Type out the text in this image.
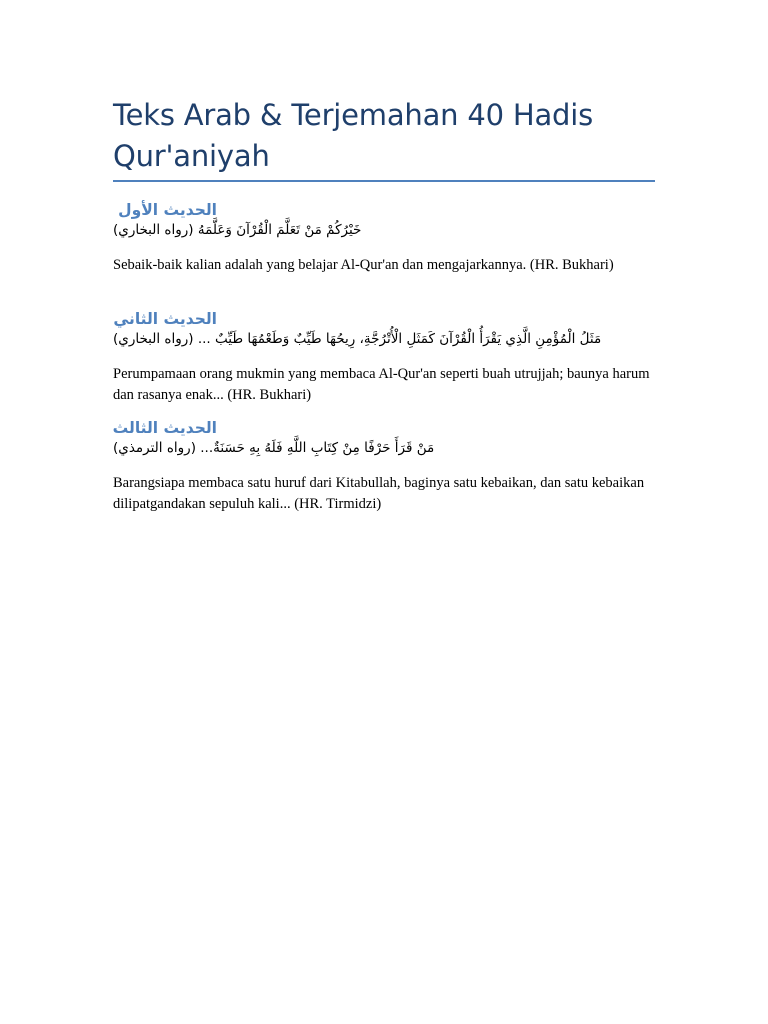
Teks Arab & Terjemahan 40 Hadis Qur'aniyah
الحديث الأول

خَيْرُكُمْ مَنْ تَعَلَّمَ الْقُرْآنَ وَعَلَّمَهُ (رواه البخاري)

Sebaik-baik kalian adalah yang belajar Al-Qur'an dan mengajarkannya. (HR. Bukhari)

الحديث الثاني

مَثَلُ الْمُؤْمِنِ الَّذِي يَقْرَأُ الْقُرْآنَ كَمَثَلِ الْأُتْرُجَّةِ، رِيحُهَا طَيِّبٌ وَطَعْمُهَا طَيِّبٌ ... (رواه البخاري)

Perumpamaan orang mukmin yang membaca Al-Qur'an seperti buah utrujjah; baunya harum dan rasanya enak... (HR. Bukhari)

الحديث الثالث

مَنْ قَرَأَ حَرْفًا مِنْ كِتَابِ اللَّهِ فَلَهُ بِهِ حَسَنَةٌ... (رواه الترمذي)

Barangsiapa membaca satu huruf dari Kitabullah, baginya satu kebaikan, dan satu kebaikan dilipatgandakan sepuluh kali... (HR. Tirmidzi)
